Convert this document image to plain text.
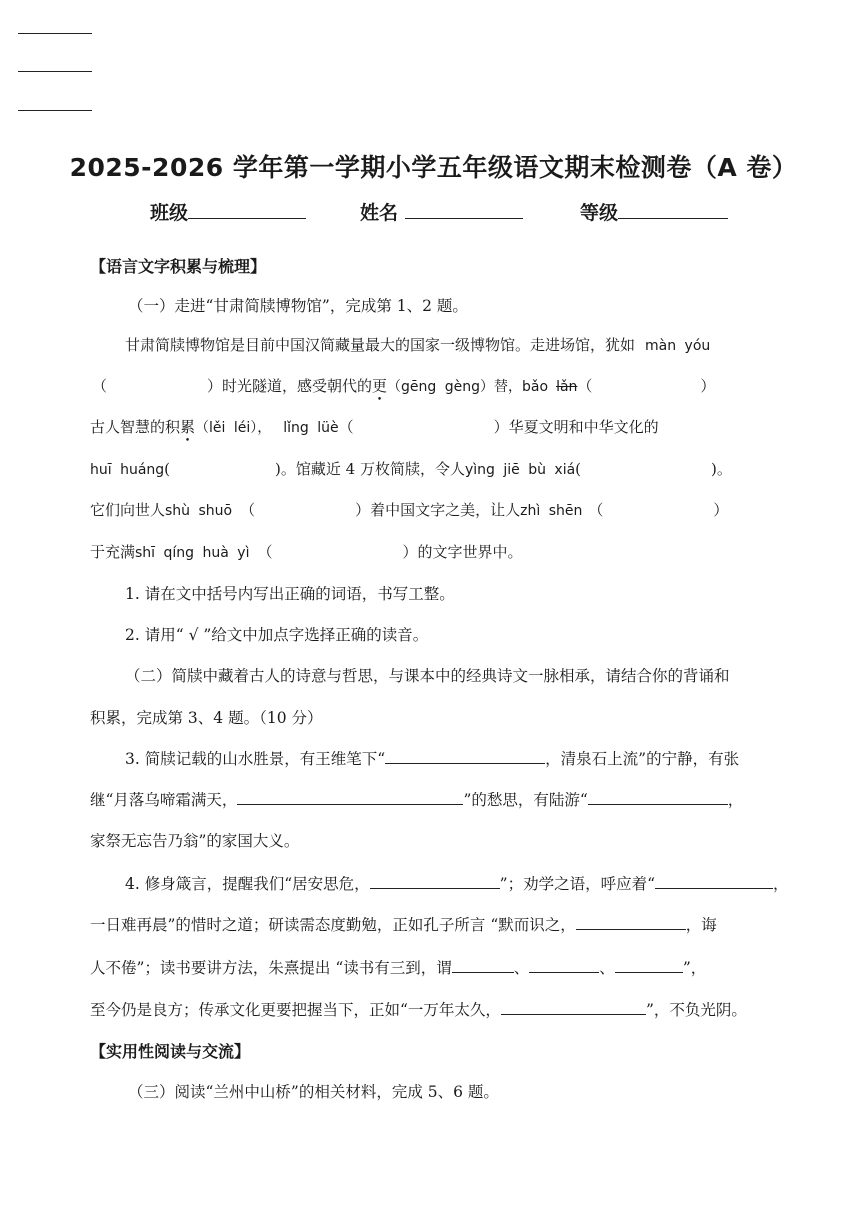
2025-2026 学年第一学期小学五年级语文期末检测卷（A 卷）
班级	姓名	等级
【语言文字积累与梳理】
（一）走进“甘肃简牍博物馆”，完成第 1、2 题。
甘肃简牍博物馆是目前中国汉简藏量最大的国家一级博物馆。走进场馆，犹如 màn yóu
（	）时光隧道，感受朝代的更（gēng gèng）替，bǎo lǎn（	）
古人智慧的积累（lěi léi）， lǐng lüè（	）华夏文明和中华文化的
huī huáng(	)。馆藏近 4 万枚简牍，令人yìng jiē bù xiá(	)。
它们向世人shù shuō （	）着中国文字之美，让人zhì shēn （	）
于充满shī qíng huà yì （	）的文字世界中。
1. 请在文中括号内写出正确的词语，书写工整。
2. 请用“ √ ”给文中加点字选择正确的读音。
（二）简牍中藏着古人的诗意与哲思，与课本中的经典诗文一脉相承，请结合你的背诵和
积累，完成第 3、4 题。（10 分）
3. 简牍记载的山水胜景，有王维笔下“	，清泉石上流”的宁静，有张
继“月落乌啼霜满天，	”的愁思，有陆游“	，
家祭无忘告乃翁”的家国大义。
4. 修身箴言，提醒我们“居安思危，	”；劝学之语，呼应着“	，
一日难再晨”的惜时之道；研读需态度勤勉，正如孔子所言 “默而识之，	，诲
人不倦”；读书要讲方法，朱熹提出 “读书有三到，谓	、	、	”，
至今仍是良方；传承文化更要把握当下，正如“一万年太久，	”，不负光阴。
【实用性阅读与交流】
（三）阅读“兰州中山桥”的相关材料，完成 5、6 题。
